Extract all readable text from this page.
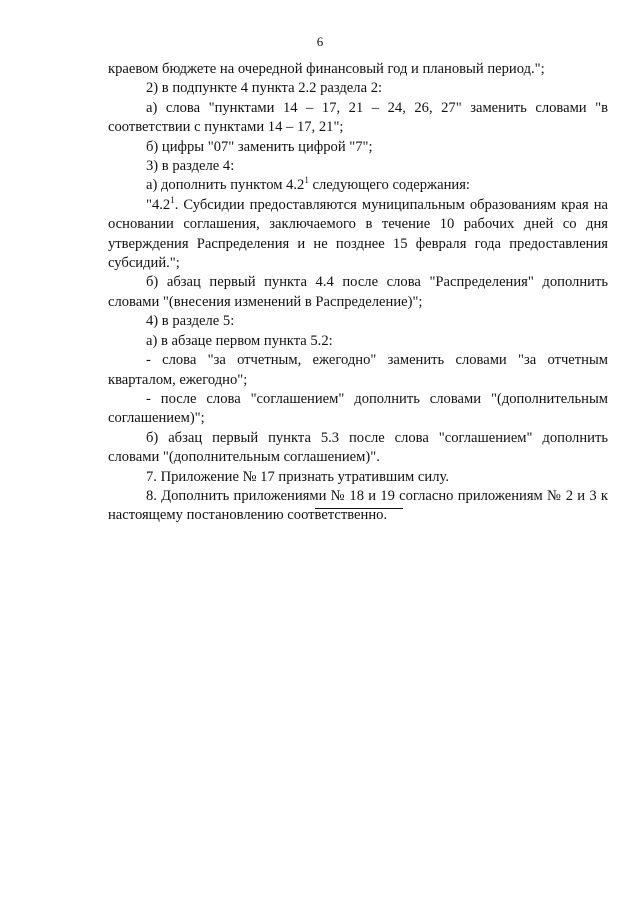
6

краевом бюджете на очередной финансовый год и плановый период.";

2) в подпункте 4 пункта 2.2 раздела 2:

а) слова "пунктами 14 – 17, 21 – 24, 26, 27" заменить словами "в соответствии с пунктами 14 – 17, 21";

б) цифры "07" заменить цифрой "7";

3) в разделе 4:

а) дополнить пунктом $4.2^1$ следующего содержания:

"$4.2^1$. Субсидии предоставляются муниципальным образованиям края на основании соглашения, заключаемого в течение 10 рабочих дней со дня утверждения Распределения и не позднее 15 февраля года предоставления субсидий.";

б) абзац первый пункта 4.4 после слова "Распределения" дополнить словами "(внесения изменений в Распределение)";

4) в разделе 5:

а) в абзаце первом пункта 5.2:

- слова "за отчетным, ежегодно" заменить словами "за отчетным кварталом, ежегодно";

- после слова "соглашением" дополнить словами "(дополнительным соглашением)";

б) абзац первый пункта 5.3 после слова "соглашением" дополнить словами "(дополнительным соглашением)".

7. Приложение № 17 признать утратившим силу.

8. Дополнить приложениями № 18 и 19 согласно приложениям № 2 и 3 к настоящему постановлению соответственно.
